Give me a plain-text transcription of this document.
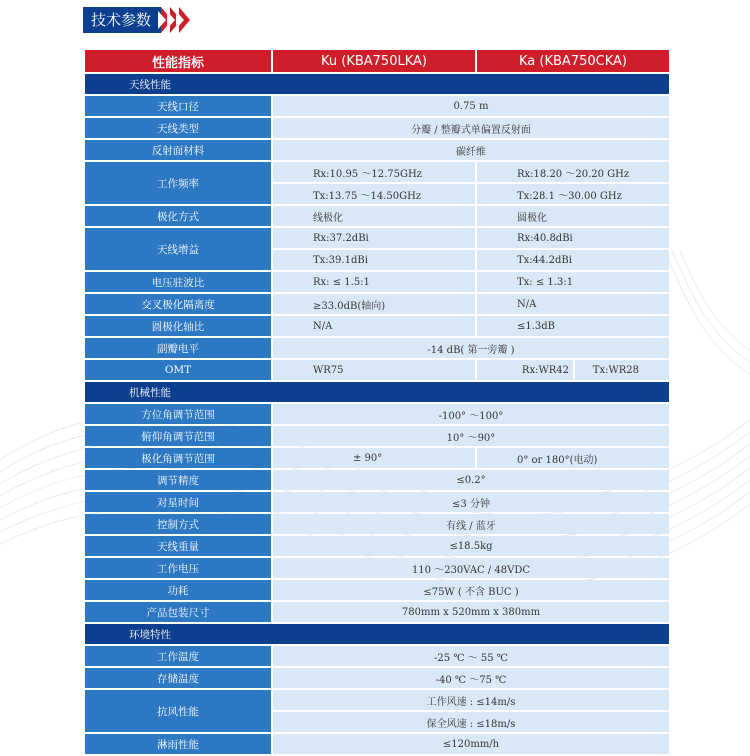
技术参数
性能指标	Ku (KBA750LKA)	Ka (KBA750CKA)	
天线性能			
天线口径	0.75 m		
天线类型	分瓣 / 整瓣式单偏置反射面		
反射面材料	碳纤维		
工作频率	Rx:10.95 ～12.75GHz	Rx:18.20 ～20.20 GHz	
	Tx:13.75 ～14.50GHz	Tx:28.1 ～30.00 GHz	
极化方式	线极化	圆极化	
天线增益	Rx:37.2dBi	Rx:40.8dBi	
	Tx:39.1dBi	Tx:44.2dBi	
电压驻波比	Rx: ≤ 1.5:1	Tx: ≤ 1.3:1	
交叉极化隔离度	≥33.0dB(轴向)	N/A	
圆极化轴比	N/A	≤1.3dB	
副瓣电平	-14 dB( 第一旁瓣 )		
OMT	WR75	Rx:WR42	Tx:WR28
机械性能			
方位角调节范围	-100° ～100°		
俯仰角调节范围	10° ～90°		
极化角调节范围	± 90°	0° or 180°(电动)	
调节精度	≤0.2°		
对星时间	≤3 分钟		
控制方式	有线 / 蓝牙		
天线重量	≤18.5kg		
工作电压	110 ～230VAC / 48VDC		
功耗	≤75W ( 不含 BUC )		
产品包装尺寸	780mm x 520mm x 380mm		
环境特性			
工作温度	-25 ℃ ～ 55 ℃		
存储温度	-40 ℃ ～75 ℃		
抗风性能	工作风速 : ≤14m/s		
	保全风速 : ≤18m/s		
淋雨性能	≤120mm/h		
